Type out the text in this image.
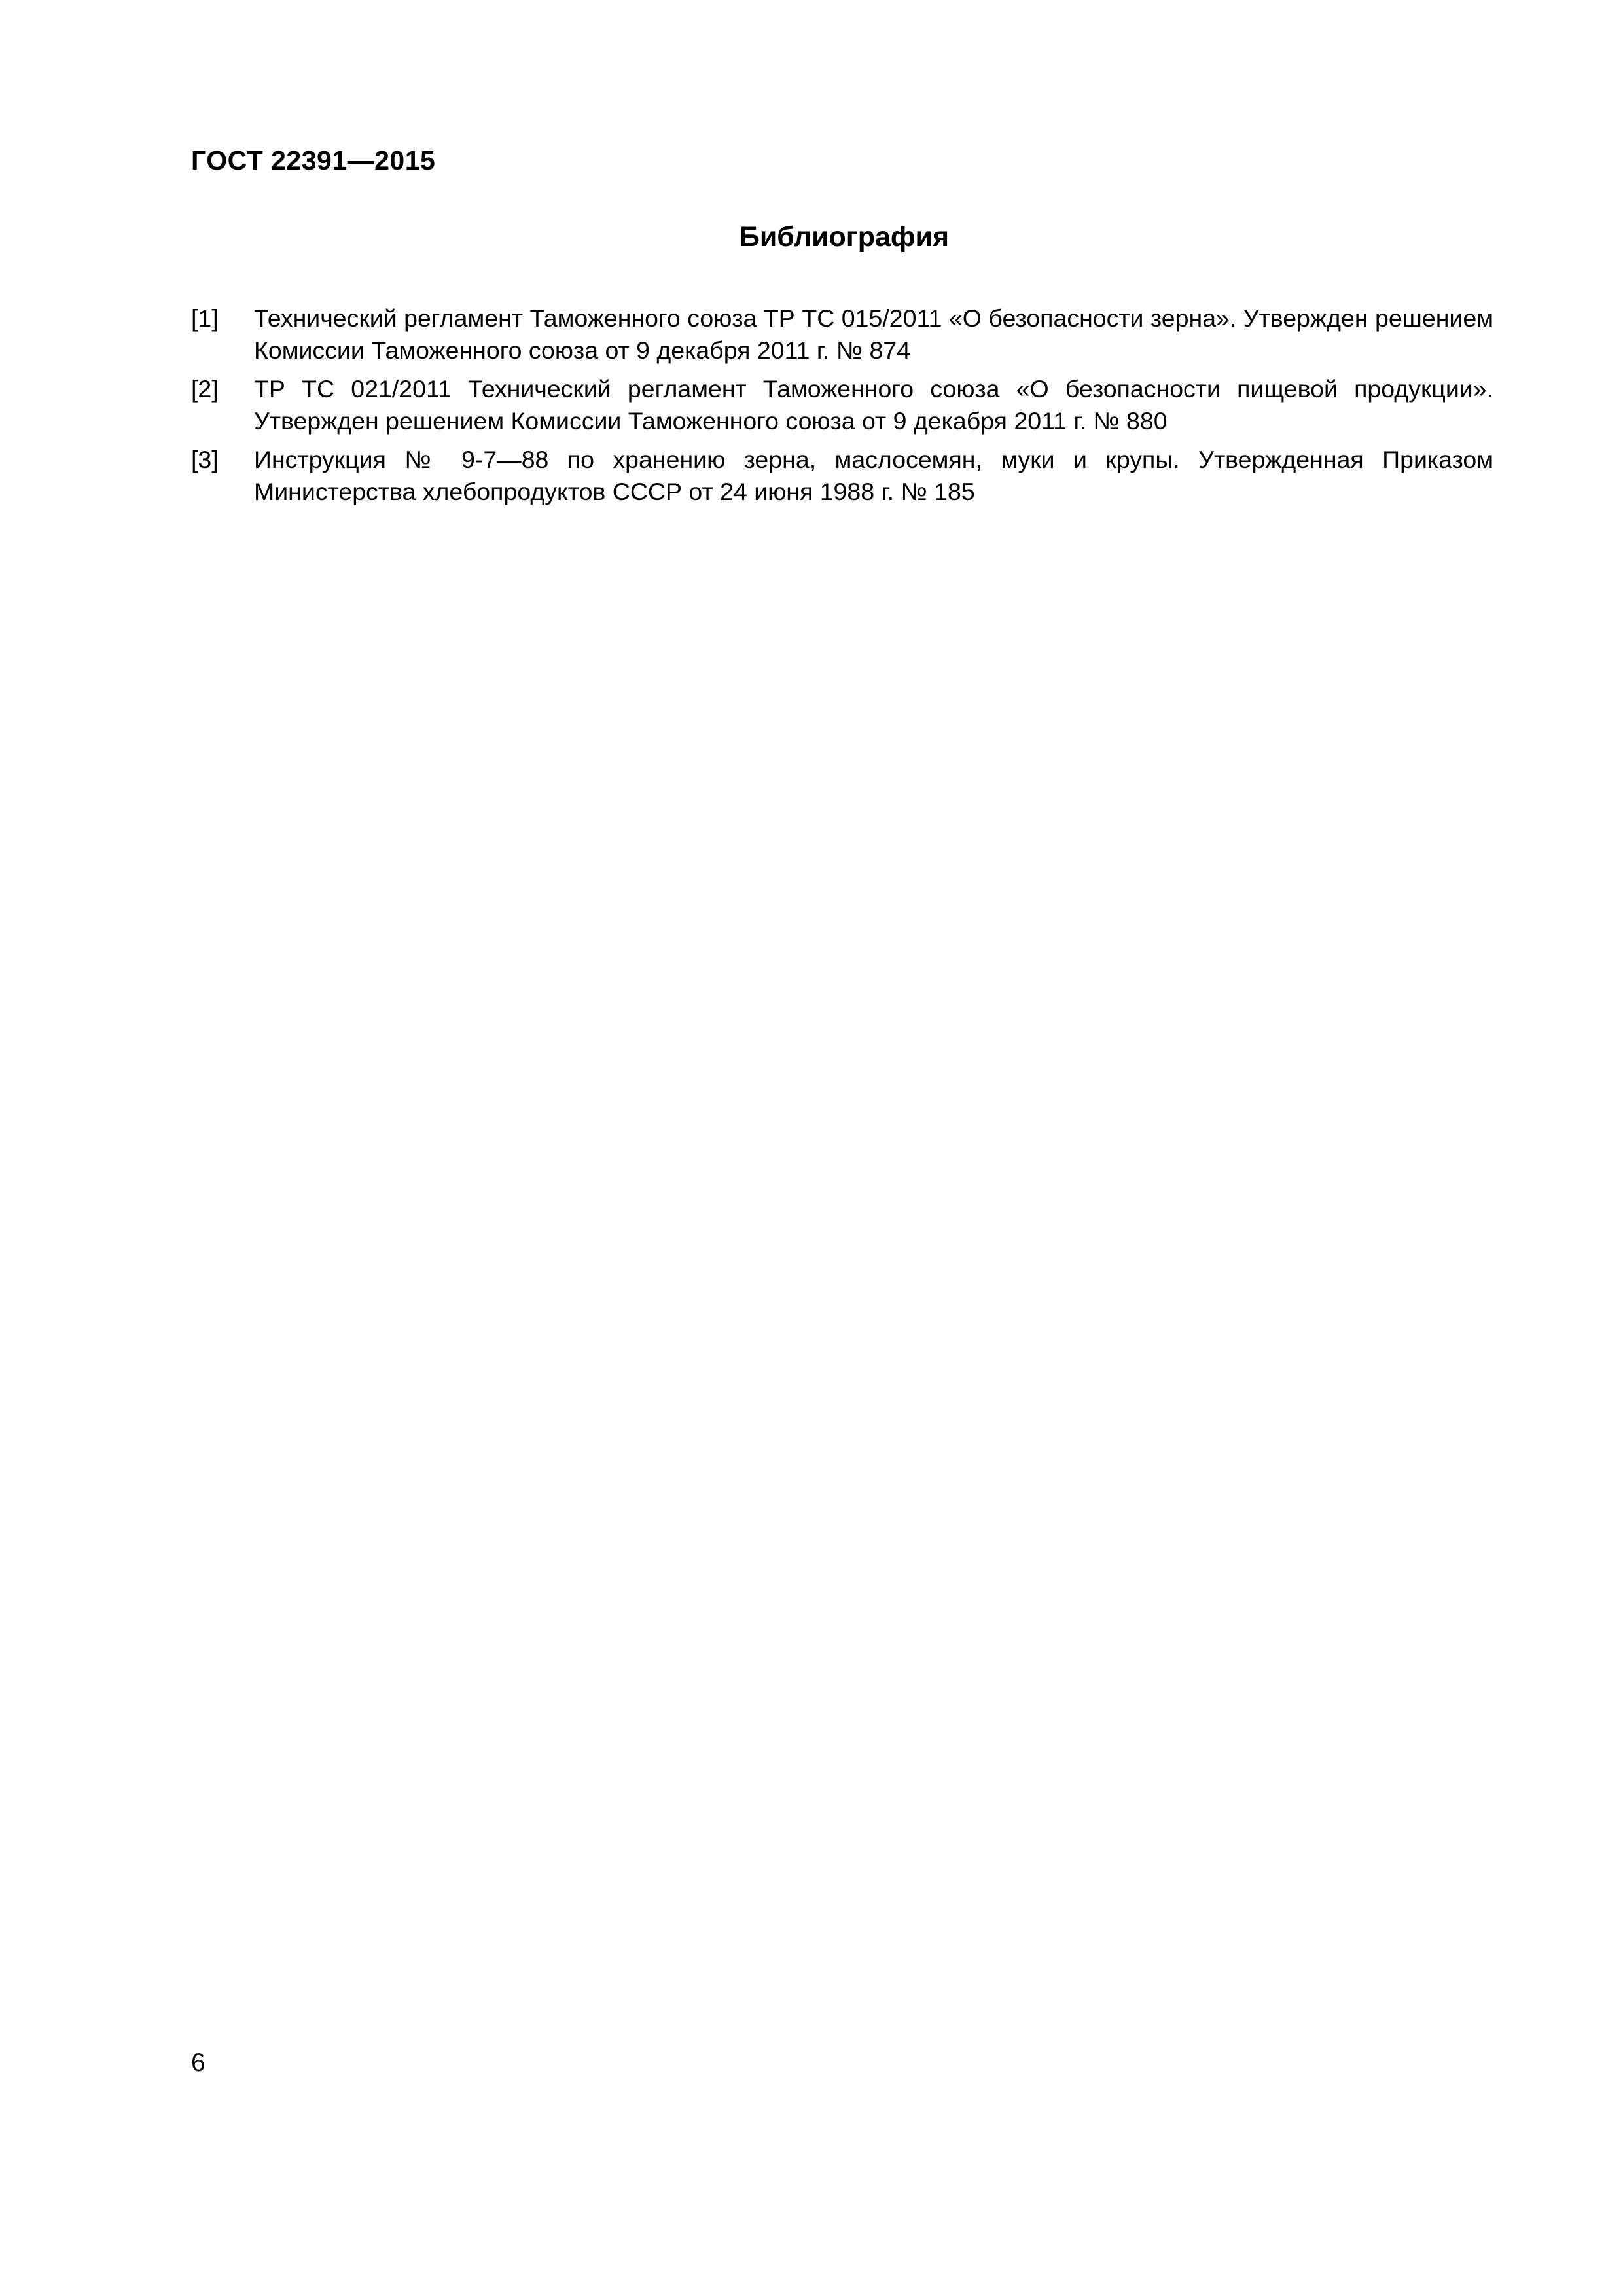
ГОСТ 22391—2015
Библиография
[1] Технический регламент Таможенного союза ТР ТС 015/2011 «О безопасности зерна». Утвержден решением Комиссии Таможенного союза от 9 декабря 2011 г. № 874
[2] ТР ТС 021/2011 Технический регламент Таможенного союза «О безопасности пищевой продукции». Утвержден решением Комиссии Таможенного союза от 9 декабря 2011 г. № 880
[3] Инструкция № 9-7—88 по хранению зерна, маслосемян, муки и крупы. Утвержденная Приказом Министерства хлебопродуктов СССР от 24 июня 1988 г. № 185
6
